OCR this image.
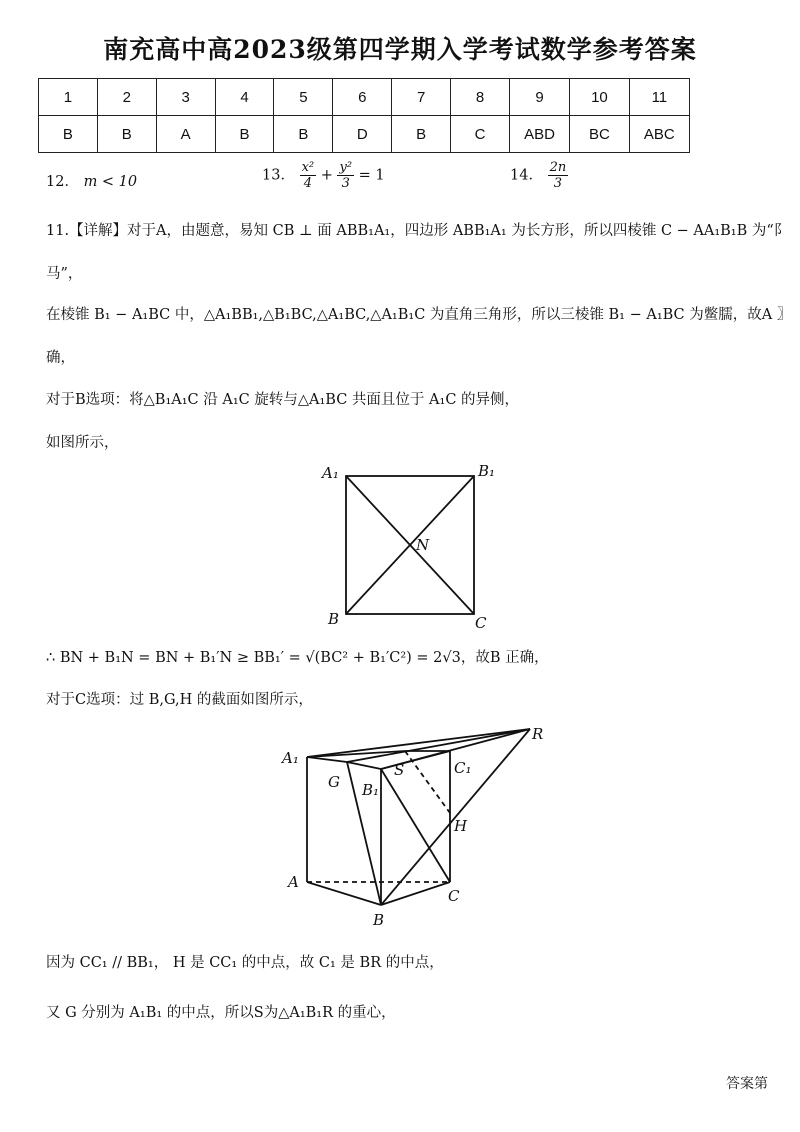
南充高中高2023级第四学期入学考试数学参考答案
1	2	3	4	5	6	7	8	9	10	11
B	B	A	B	B	D	B	C	ABD	BC	ABC
12． m < 10	13． $\frac{\text{x²}}{4} + \frac{\text{y²}}{3} = 1$	14． $\frac{2n}{3}$
11.【详解】对于A，由题意，易知 CB ⊥ 面 ABB₁A₁，四边形 ABB₁A₁ 为长方形，所以四棱锥 C − AA₁B₁B 为“阝
马”，
在棱锥 B₁ − A₁BC 中，△A₁BB₁,△B₁BC,△A₁BC,△A₁B₁C 为直角三角形，所以三棱锥 B₁ − A₁BC 为鳖臑，故A 〗
确，
对于B选项：将△B₁A₁C 沿 A₁C 旋转与△A₁BC 共面且位于 A₁C 的异侧，
如图所示，
A₁	B₁
N
B	C
∴ BN + B₁N = BN + B₁′N ≥ BB₁′ = √(BC² + B₁′C²) = 2√3，故B 正确，
对于C选项：过 B,G,H 的截面如图所示，
A₁
G
S	C₁
B₁
H
A
B
C
R
因为 CC₁ // BB₁， H 是 CC₁ 的中点，故 C₁ 是 BR 的中点，
又 G 分别为 A₁B₁ 的中点，所以S为△A₁B₁R 的重心，
答案第
